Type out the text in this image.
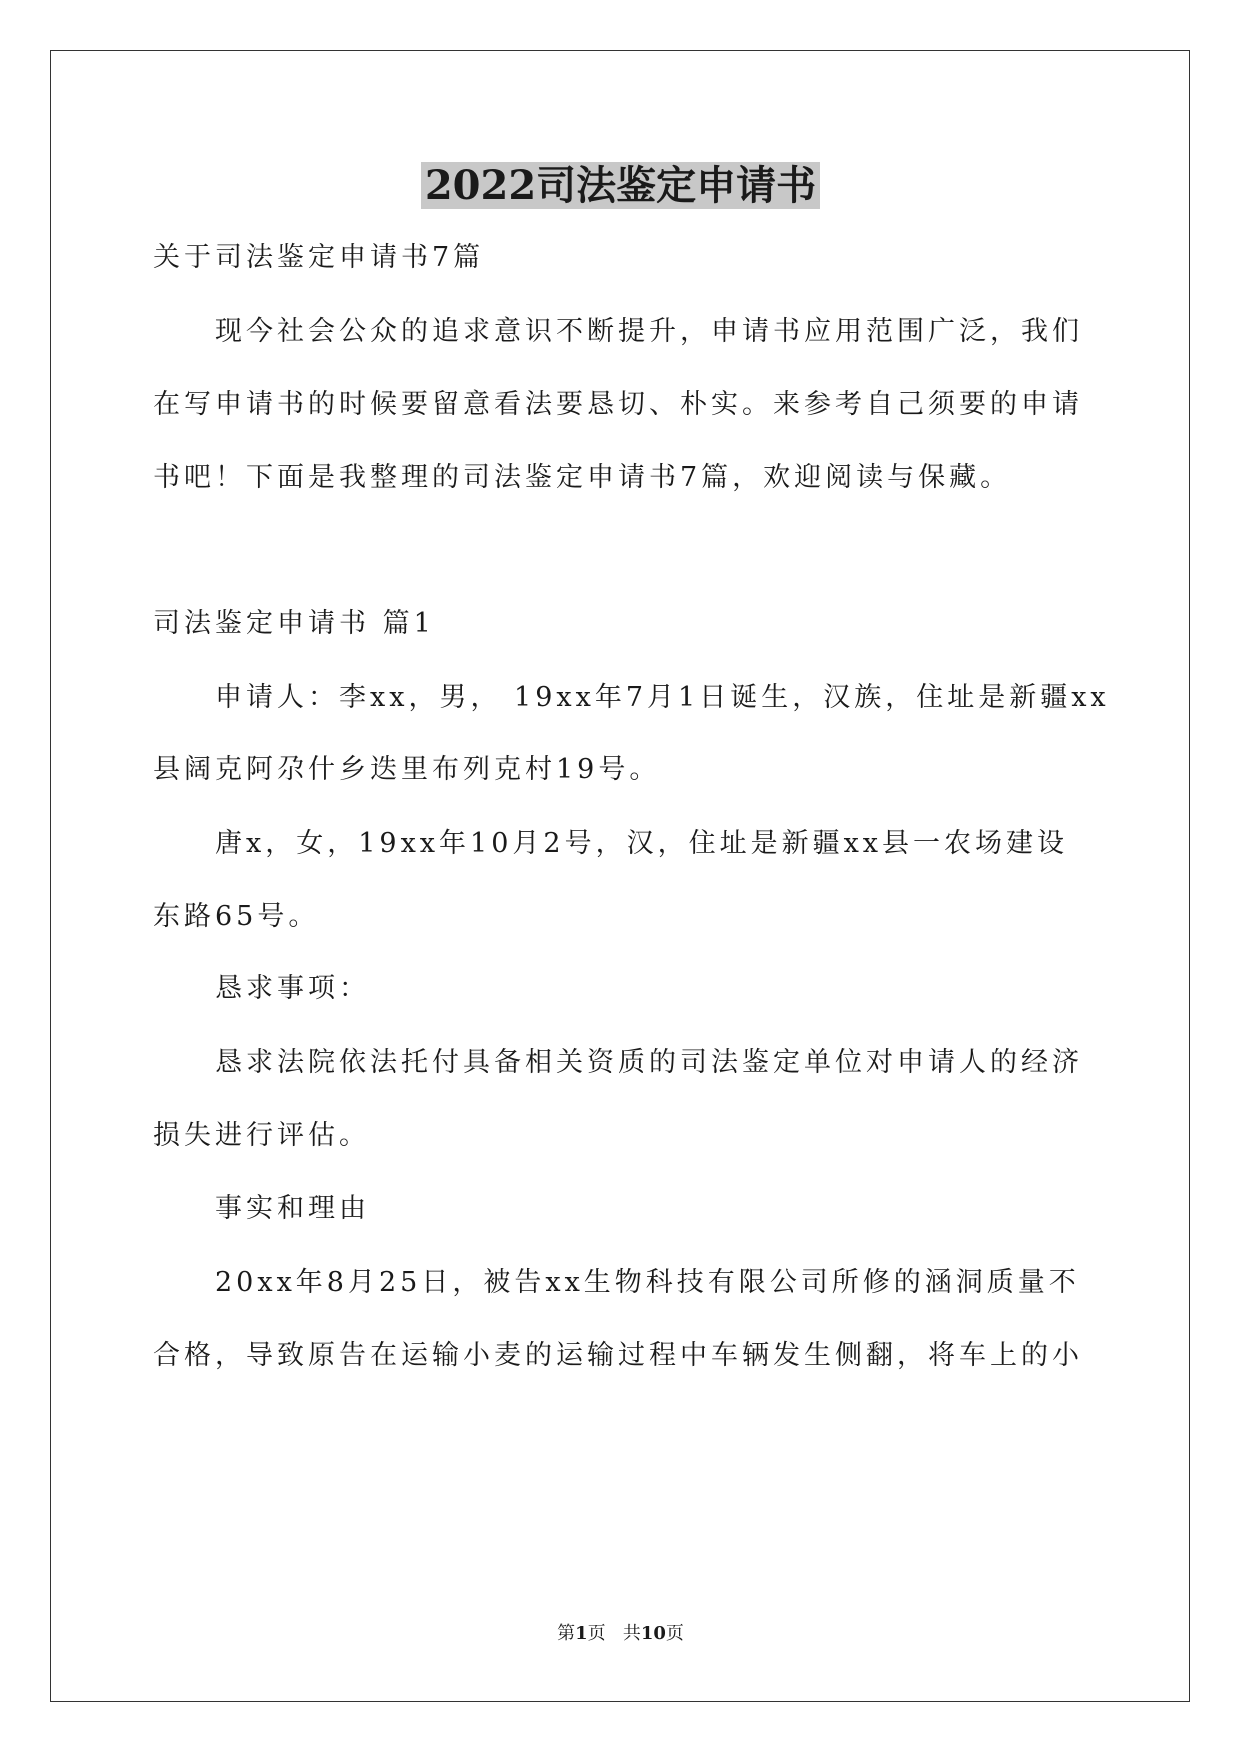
2022司法鉴定申请书
关于司法鉴定申请书7篇
现今社会公众的追求意识不断提升，申请书应用范围广泛，我们
在写申请书的时候要留意看法要恳切、朴实。来参考自己须要的申请
书吧！下面是我整理的司法鉴定申请书7篇，欢迎阅读与保藏。
司法鉴定申请书 篇1
申请人：李xx，男， 19xx年7月1日诞生，汉族，住址是新疆xx
县阔克阿尕什乡迭里布列克村19号。
唐x，女，19xx年10月2号，汉，住址是新疆xx县一农场建设
东路65号。
恳求事项：
恳求法院依法托付具备相关资质的司法鉴定单位对申请人的经济
损失进行评估。
事实和理由
20xx年8月25日，被告xx生物科技有限公司所修的涵洞质量不
合格，导致原告在运输小麦的运输过程中车辆发生侧翻，将车上的小
第1页 共10页
